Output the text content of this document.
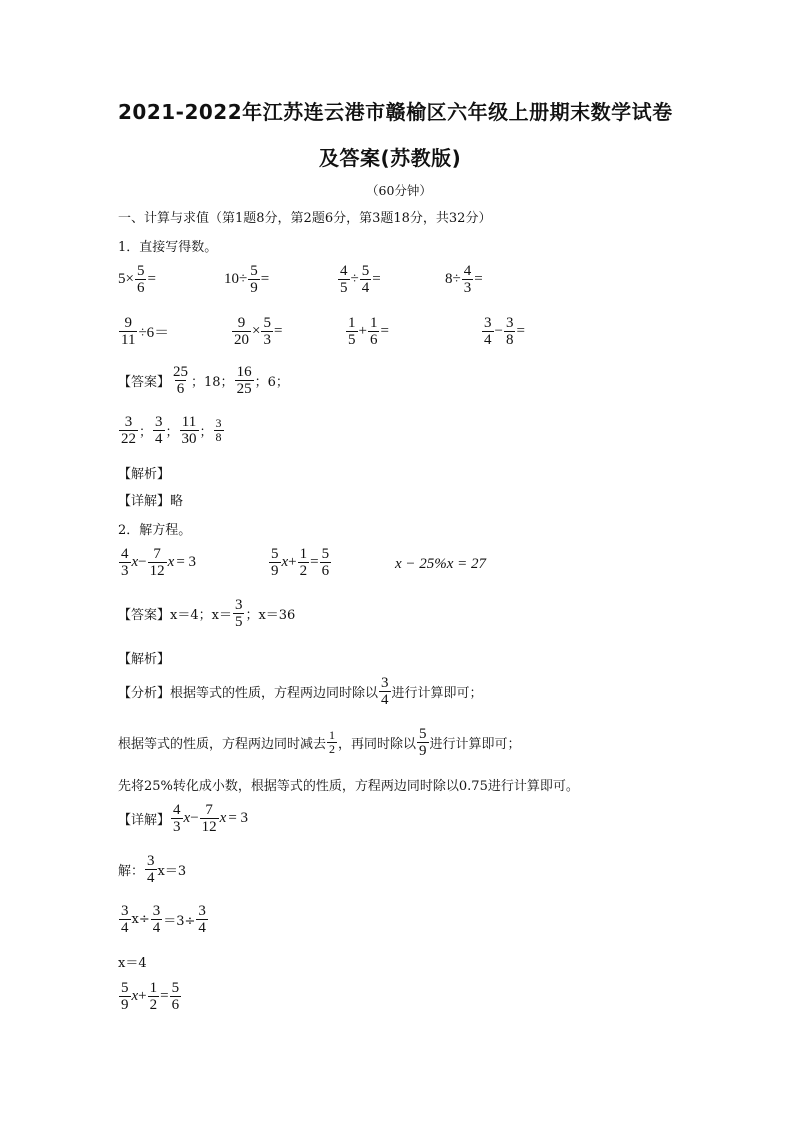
2021-2022年江苏连云港市赣榆区六年级上册期末数学试卷
及答案(苏教版)
（60分钟）
一、计算与求值（第1题8分，第2题6分，第3题18分，共32分）
1．直接写得数。
$5\times \frac{5}{6}$ =	$10\div \frac{5}{9}$ =	$\frac{4}{5} \div \frac{5}{4}$ =	$8\div \frac{4}{3}$ =
$\frac{9}{11} \div 6=$	$\frac{9}{20} \times \frac{5}{3}$ =	$\frac{1}{5} + \frac{1}{6}$ =	$\frac{3}{4} - \frac{3}{8}$ =
【答案】 $\frac{25}{6}$ ；18； $\frac{16}{25}$ ；6；
$\frac{3}{22}$ ； $\frac{3}{4}$ ； $\frac{11}{30}$ ； $\frac{3}{8}$
【解析】
【详解】略
2．解方程。
$\frac{4}{3} x- \frac{7}{12}$ x = 3	$\frac{5}{9} x+ \frac{1}{2} = \frac{5}{6}$	x − 25%x = 27
【答案】x＝4；$x= \frac{3}{5}$ ；x＝36
【解析】
【分析】根据等式的性质，方程两边同时除以 $\frac{3}{4}$ 进行计算即可；
根据等式的性质，方程两边同时减去 $\frac{1}{2}$ ，再同时除以 $\frac{5}{9}$ 进行计算即可；
先将25%转化成小数，根据等式的性质，方程两边同时除以0.75进行计算即可。
【详解】 $\frac{4}{3} x- \frac{7}{12}$ x = 3
解： $\frac{3}{4} x=3$
$\frac{3}{4} x\div \frac{3}{4} =3\div \frac{3}{4}$
x＝4
$\frac{5}{9} x+ \frac{1}{2} = \frac{5}{6}$
